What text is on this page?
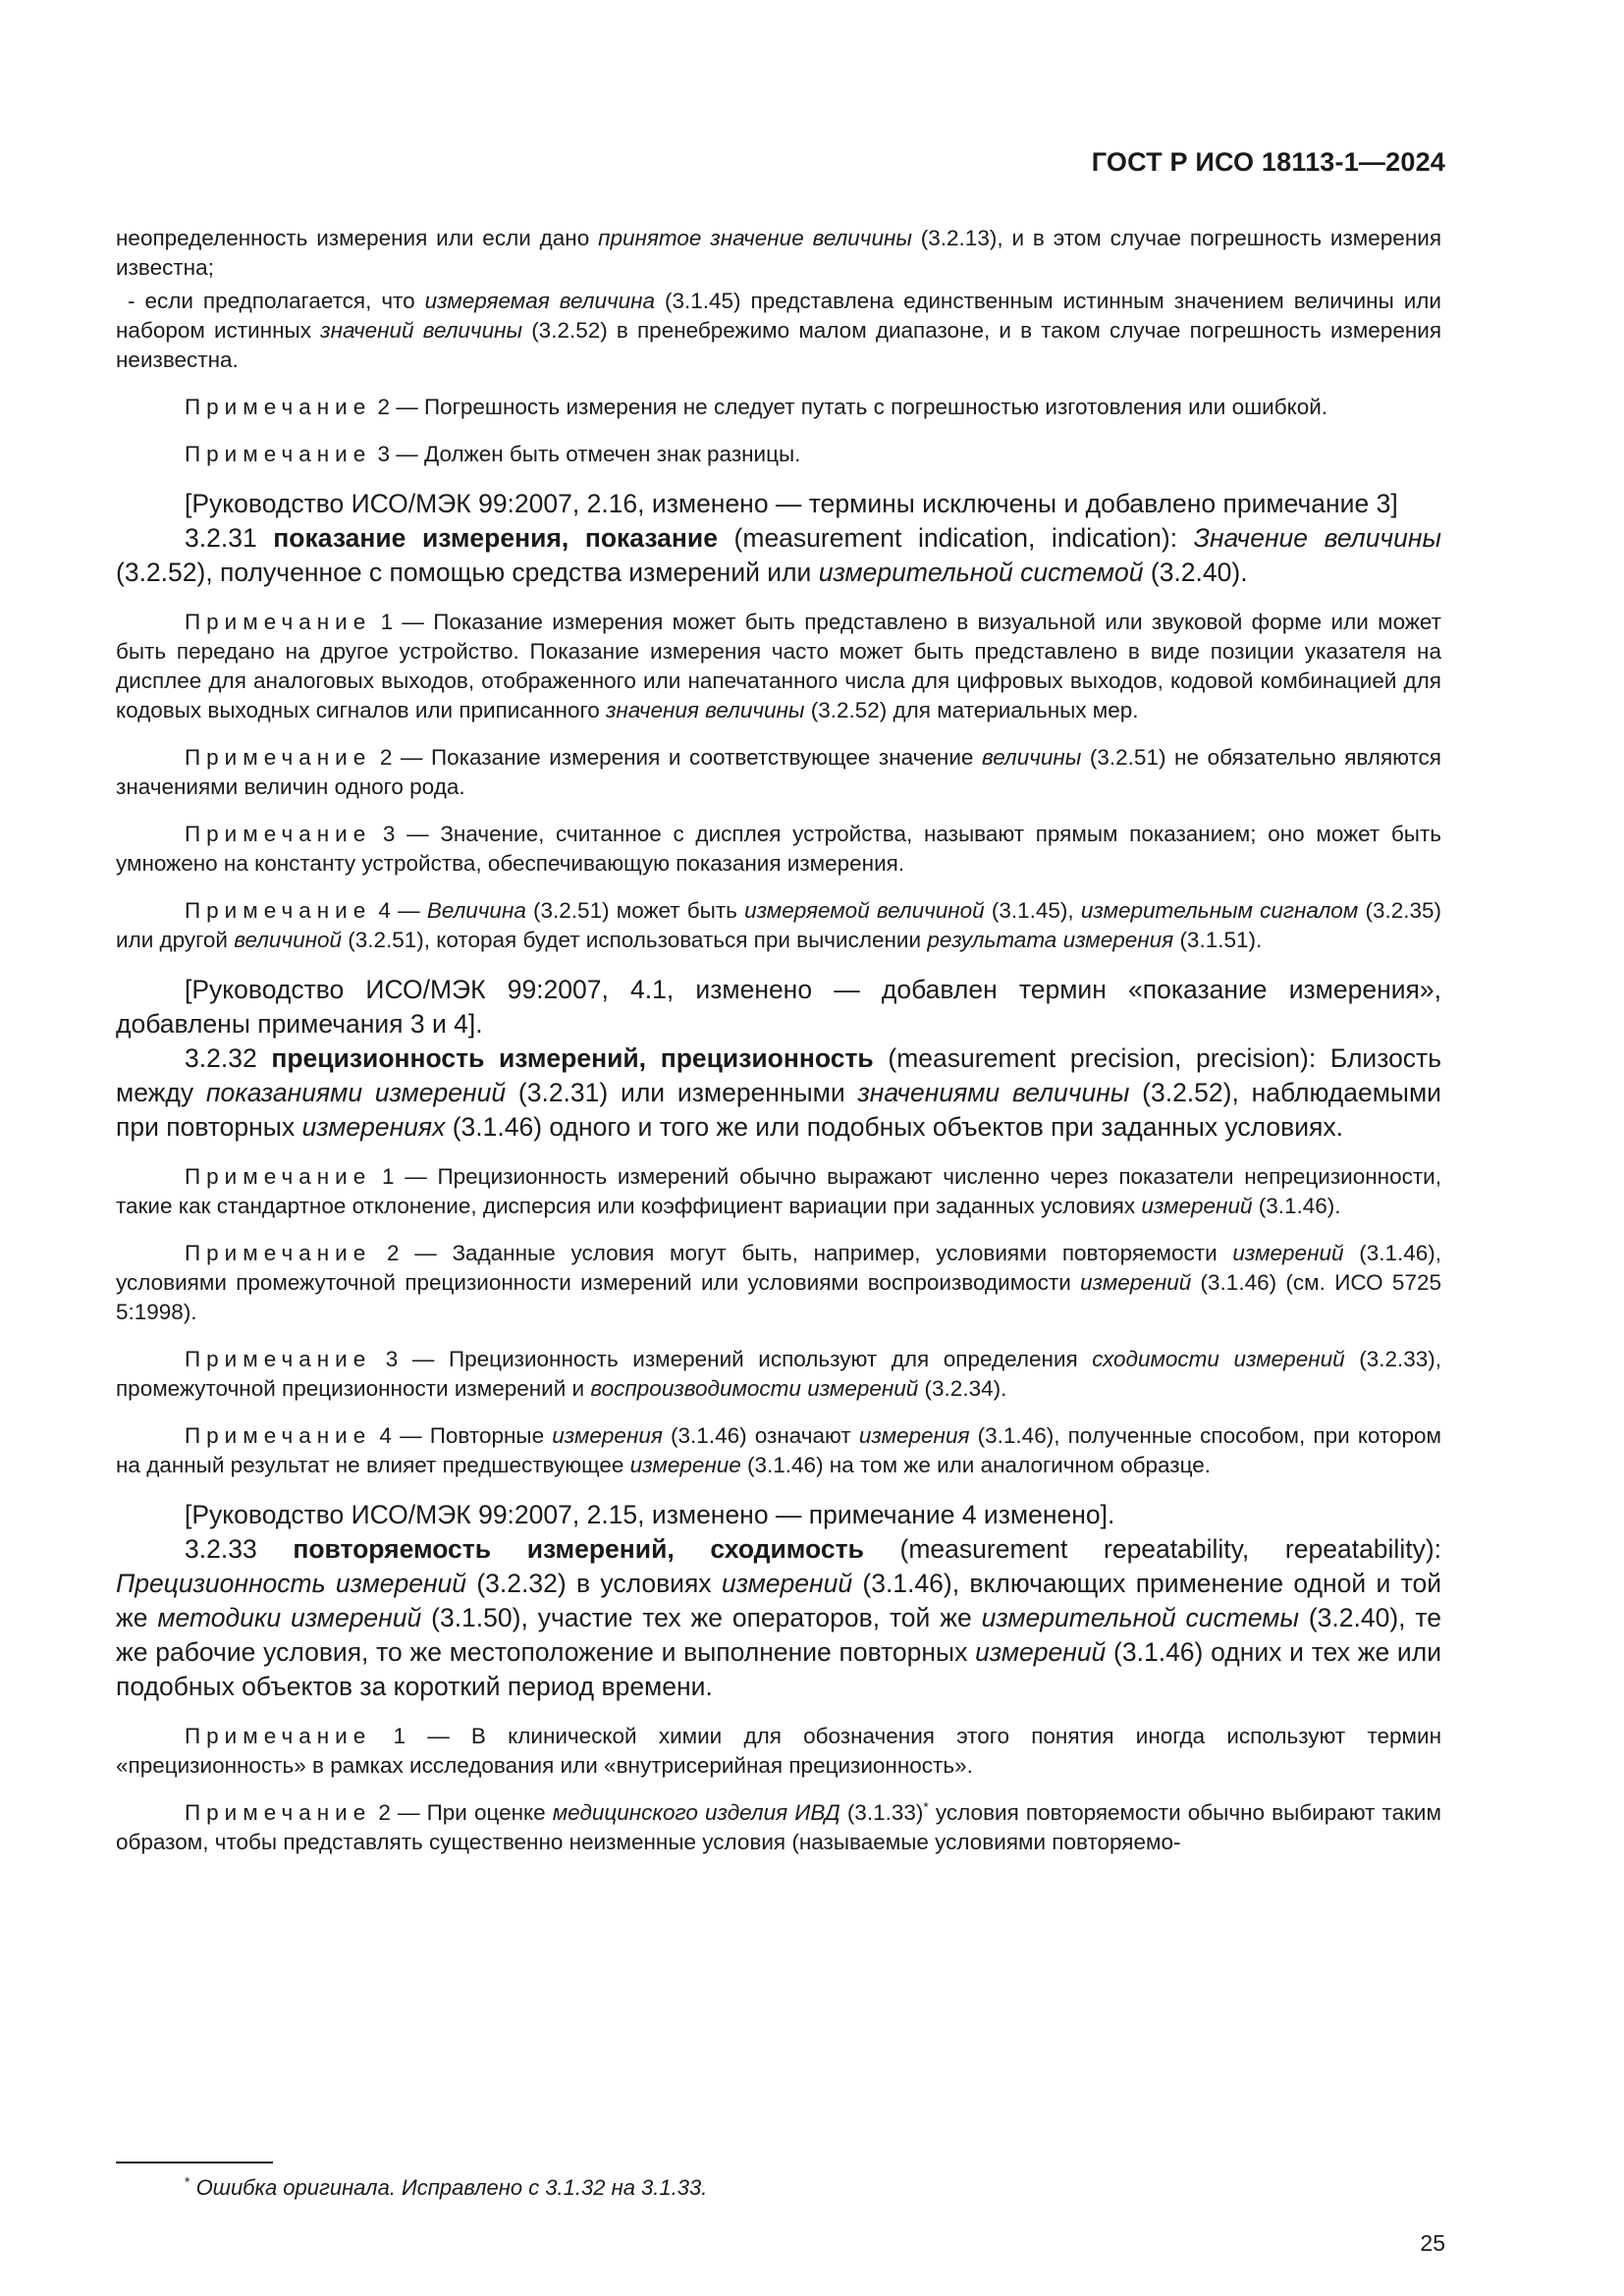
ГОСТ Р ИСО 18113-1—2024

неопределенность измерения или если дано принятое значение величины (3.2.13), и в этом случае погрешность измерения известна;

- если предполагается, что измеряемая величина (3.1.45) представлена единственным истинным значением величины или набором истинных значений величины (3.2.52) в пренебрежимо малом диапазоне, и в таком случае погрешность измерения неизвестна.

Примечание 2 — Погрешность измерения не следует путать с погрешностью изготовления или ошибкой.

Примечание 3 — Должен быть отмечен знак разницы.

[Руководство ИСО/МЭК 99:2007, 2.16, изменено — термины исключены и добавлено примечание 3]

3.2.31 показание измерения, показание (measurement indication, indication): Значение величины (3.2.52), полученное с помощью средства измерений или измерительной системой (3.2.40).

Примечание 1 — Показание измерения может быть представлено в визуальной или звуковой форме или может быть передано на другое устройство. Показание измерения часто может быть представлено в виде позиции указателя на дисплее для аналоговых выходов, отображенного или напечатанного числа для цифровых выходов, кодовой комбинацией для кодовых выходных сигналов или приписанного значения величины (3.2.52) для материальных мер.

Примечание 2 — Показание измерения и соответствующее значение величины (3.2.51) не обязательно являются значениями величин одного рода.

Примечание 3 — Значение, считанное с дисплея устройства, называют прямым показанием; оно может быть умножено на константу устройства, обеспечивающую показания измерения.

Примечание 4 — Величина (3.2.51) может быть измеряемой величиной (3.1.45), измерительным сигналом (3.2.35) или другой величиной (3.2.51), которая будет использоваться при вычислении результата измерения (3.1.51).

[Руководство ИСО/МЭК 99:2007, 4.1, изменено — добавлен термин «показание измерения», добавлены примечания 3 и 4].

3.2.32 прецизионность измерений, прецизионность (measurement precision, precision): Близость между показаниями измерений (3.2.31) или измеренными значениями величины (3.2.52), наблюдаемыми при повторных измерениях (3.1.46) одного и того же или подобных объектов при заданных условиях.

Примечание 1 — Прецизионность измерений обычно выражают численно через показатели непрецизионности, такие как стандартное отклонение, дисперсия или коэффициент вариации при заданных условиях измерений (3.1.46).

Примечание 2 — Заданные условия могут быть, например, условиями повторяемости измерений (3.1.46), условиями промежуточной прецизионности измерений или условиями воспроизводимости измерений (3.1.46) (см. ИСО 5725 5:1998).

Примечание 3 — Прецизионность измерений используют для определения сходимости измерений (3.2.33), промежуточной прецизионности измерений и воспроизводимости измерений (3.2.34).

Примечание 4 — Повторные измерения (3.1.46) означают измерения (3.1.46), полученные способом, при котором на данный результат не влияет предшествующее измерение (3.1.46) на том же или аналогичном образце.

[Руководство ИСО/МЭК 99:2007, 2.15, изменено — примечание 4 изменено].

3.2.33 повторяемость измерений, сходимость (measurement repeatability, repeatability): Прецизионность измерений (3.2.32) в условиях измерений (3.1.46), включающих применение одной и той же методики измерений (3.1.50), участие тех же операторов, той же измерительной системы (3.2.40), те же рабочие условия, то же местоположение и выполнение повторных измерений (3.1.46) одних и тех же или подобных объектов за короткий период времени.

Примечание 1 — В клинической химии для обозначения этого понятия иногда используют термин «прецизионность» в рамках исследования или «внутрисерийная прецизионность».

Примечание 2 — При оценке медицинского изделия ИВД (3.1.33)* условия повторяемости обычно выбирают таким образом, чтобы представлять существенно неизменные условия (называемые условиями повторяемо-

* Ошибка оригинала. Исправлено с 3.1.32 на 3.1.33.
25
